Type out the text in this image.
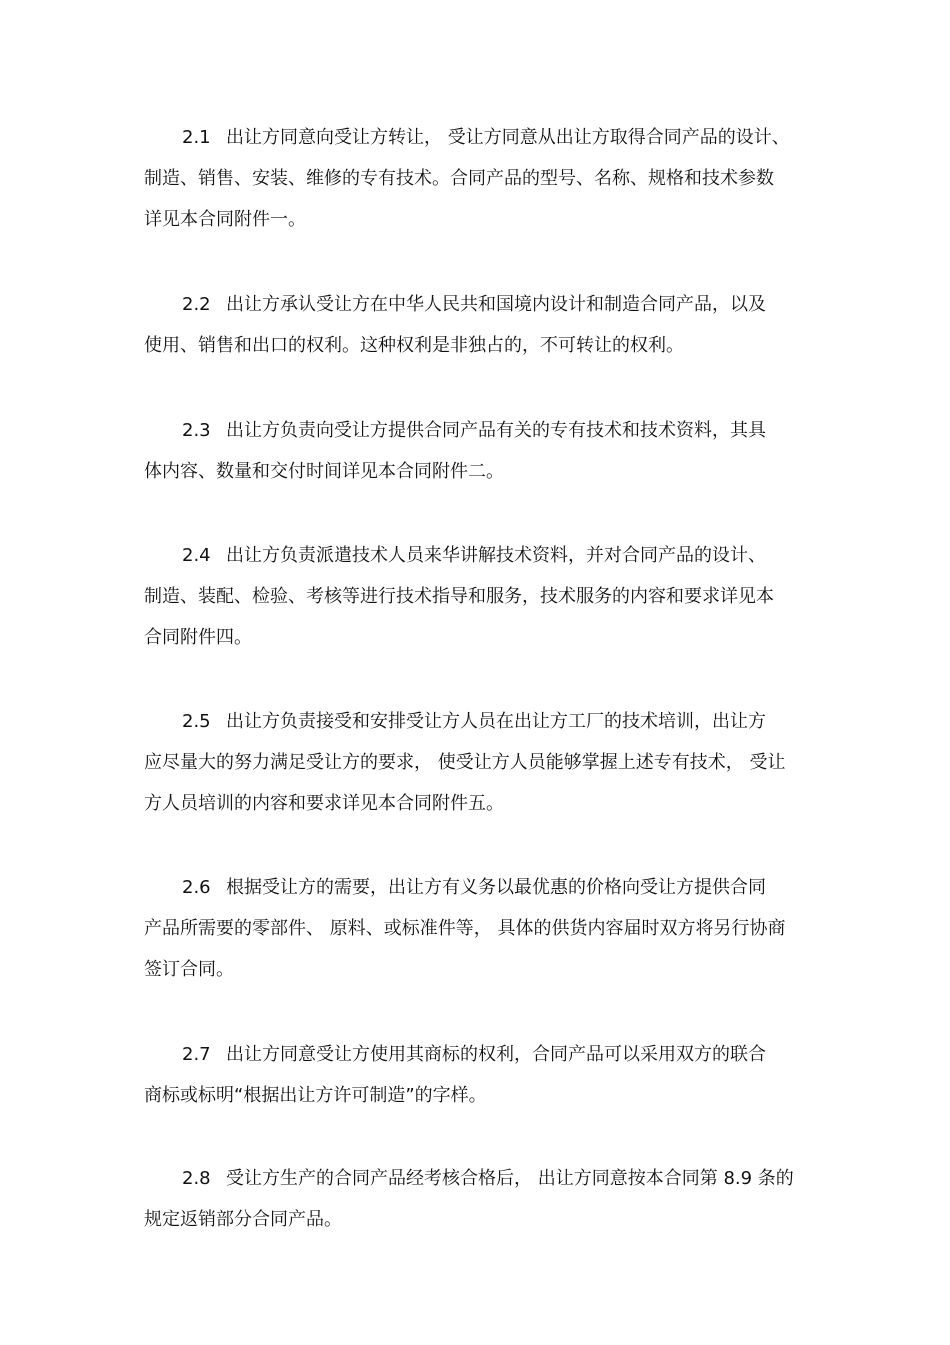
2.1 出让方同意向受让方转让， 受让方同意从出让方取得合同产品的设计、
制造、销售、安装、维修的专有技术。合同产品的型号、名称、规格和技术参数
详见本合同附件一。
2.2 出让方承认受让方在中华人民共和国境内设计和制造合同产品，以及
使用、销售和出口的权利。这种权利是非独占的，不可转让的权利。
2.3 出让方负责向受让方提供合同产品有关的专有技术和技术资料，其具
体内容、数量和交付时间详见本合同附件二。
2.4 出让方负责派遣技术人员来华讲解技术资料，并对合同产品的设计、
制造、装配、检验、考核等进行技术指导和服务，技术服务的内容和要求详见本
合同附件四。
2.5 出让方负责接受和安排受让方人员在出让方工厂的技术培训，出让方
应尽量大的努力满足受让方的要求， 使受让方人员能够掌握上述专有技术， 受让
方人员培训的内容和要求详见本合同附件五。
2.6 根据受让方的需要，出让方有义务以最优惠的价格向受让方提供合同
产品所需要的零部件、 原料、或标准件等， 具体的供货内容届时双方将另行协商
签订合同。
2.7 出让方同意受让方使用其商标的权利，合同产品可以采用双方的联合
商标或标明“根据出让方许可制造”的字样。
2.8 受让方生产的合同产品经考核合格后， 出让方同意按本合同第 8.9 条的
规定返销部分合同产品。
